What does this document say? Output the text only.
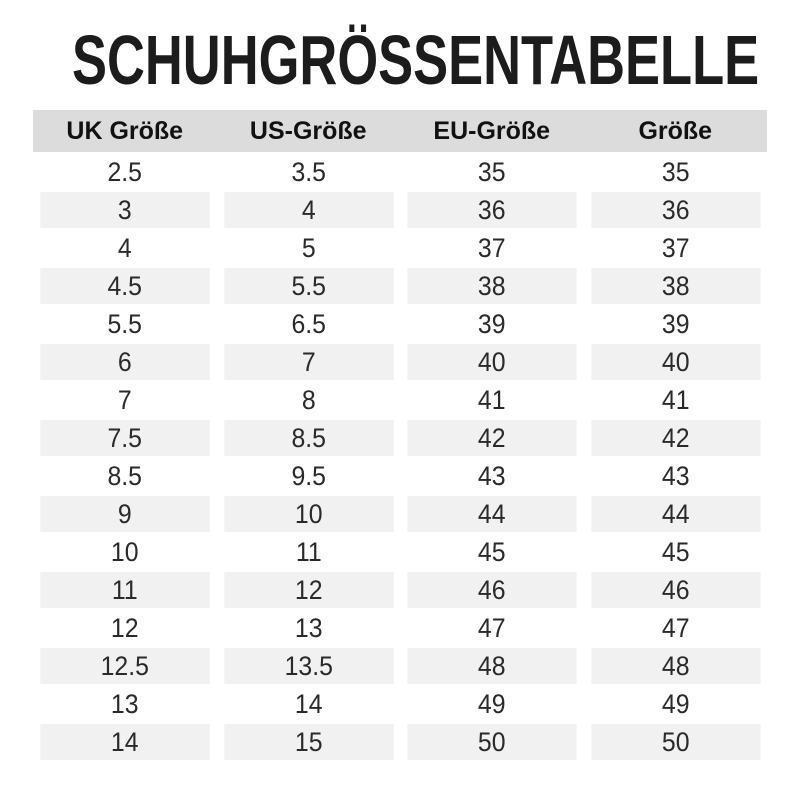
SCHUHGRÖSSENTABELLE
UK Größe	US-Größe	EU-Größe	Größe
2.5	3.5	35	35
3	4	36	36
4	5	37	37
4.5	5.5	38	38
5.5	6.5	39	39
6	7	40	40
7	8	41	41
7.5	8.5	42	42
8.5	9.5	43	43
9	10	44	44
10	11	45	45
11	12	46	46
12	13	47	47
12.5	13.5	48	48
13	14	49	49
14	15	50	50
